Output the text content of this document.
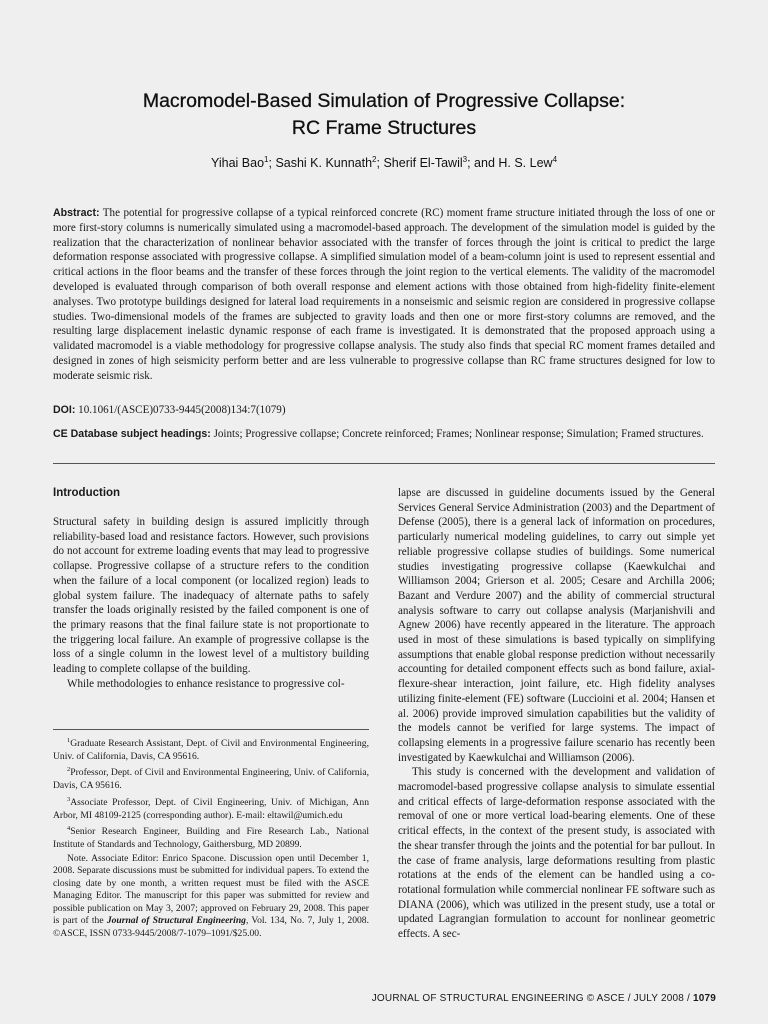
Macromodel-Based Simulation of Progressive Collapse:
RC Frame Structures
Yihai Bao$^1$; Sashi K. Kunnath$^2$; Sherif El-Tawil$^3$; and H. S. Lew$^4$
Abstract: The potential for progressive collapse of a typical reinforced concrete (RC) moment frame structure initiated through the loss of one or more first-story columns is numerically simulated using a macromodel-based approach. The development of the simulation model is guided by the realization that the characterization of nonlinear behavior associated with the transfer of forces through the joint is critical to predict the large deformation response associated with progressive collapse. A simplified simulation model of a beam-column joint is used to represent essential and critical actions in the floor beams and the transfer of these forces through the joint region to the vertical elements. The validity of the macromodel developed is evaluated through comparison of both overall response and element actions with those obtained from high-fidelity finite-element analyses. Two prototype buildings designed for lateral load requirements in a nonseismic and seismic region are considered in progressive collapse studies. Two-dimensional models of the frames are subjected to gravity loads and then one or more first-story columns are removed, and the resulting large displacement inelastic dynamic response of each frame is investigated. It is demonstrated that the proposed approach using a validated macromodel is a viable methodology for progressive collapse analysis. The study also finds that special RC moment frames detailed and designed in zones of high seismicity perform better and are less vulnerable to progressive collapse than RC frame structures designed for low to moderate seismic risk.
DOI: 10.1061/(ASCE)0733-9445(2008)134:7(1079)
CE Database subject headings: Joints; Progressive collapse; Concrete reinforced; Frames; Nonlinear response; Simulation; Framed structures.
Introduction

Structural safety in building design is assured implicitly through reliability-based load and resistance factors. However, such provisions do not account for extreme loading events that may lead to progressive collapse. Progressive collapse of a structure refers to the condition when the failure of a local component (or localized region) leads to global system failure. The inadequacy of alternate paths to safely transfer the loads originally resisted by the failed component is one of the primary reasons that the final failure state is not proportionate to the triggering local failure. An example of progressive collapse is the loss of a single column in the lowest level of a multistory building leading to complete collapse of the building.

While methodologies to enhance resistance to progressive col-

$^1$Graduate Research Assistant, Dept. of Civil and Environmental Engineering, Univ. of California, Davis, CA 95616.

$^2$Professor, Dept. of Civil and Environmental Engineering, Univ. of California, Davis, CA 95616.

$^3$Associate Professor, Dept. of Civil Engineering, Univ. of Michigan, Ann Arbor, MI 48109-2125 (corresponding author). E-mail: eltawil@umich.edu

$^4$Senior Research Engineer, Building and Fire Research Lab., National Institute of Standards and Technology, Gaithersburg, MD 20899.

Note. Associate Editor: Enrico Spacone. Discussion open until December 1, 2008. Separate discussions must be submitted for individual papers. To extend the closing date by one month, a written request must be filed with the ASCE Managing Editor. The manuscript for this paper was submitted for review and possible publication on May 3, 2007; approved on February 29, 2008. This paper is part of the Journal of Structural Engineering, Vol. 134, No. 7, July 1, 2008. ©ASCE, ISSN 0733-9445/2008/7-1079–1091/$25.00.

lapse are discussed in guideline documents issued by the General Services General Service Administration (2003) and the Department of Defense (2005), there is a general lack of information on procedures, particularly numerical modeling guidelines, to carry out simple yet reliable progressive collapse studies of buildings. Some numerical studies investigating progressive collapse (Kaewkulchai and Williamson 2004; Grierson et al. 2005; Cesare and Archilla 2006; Bazant and Verdure 2007) and the ability of commercial structural analysis software to carry out collapse analysis (Marjanishvili and Agnew 2006) have recently appeared in the literature. The approach used in most of these simulations is based typically on simplifying assumptions that enable global response prediction without necessarily accounting for detailed component effects such as bond failure, axial-flexure-shear interaction, joint failure, etc. High fidelity analyses utilizing finite-element (FE) software (Luccioini et al. 2004; Hansen et al. 2006) provide improved simulation capabilities but the validity of the models cannot be verified for large systems. The impact of collapsing elements in a progressive failure scenario has recently been investigated by Kaewkulchai and Williamson (2006).

This study is concerned with the development and validation of macromodel-based progressive collapse analysis to simulate essential and critical effects of large-deformation response associated with the removal of one or more vertical load-bearing elements. One of these critical effects, in the context of the present study, is associated with the shear transfer through the joints and the potential for bar pullout. In the case of frame analysis, large deformations resulting from plastic rotations at the ends of the element can be handled using a co-rotational formulation while commercial nonlinear FE software such as DIANA (2006), which was utilized in the present study, use a total or updated Lagrangian formulation to account for nonlinear geometric effects. A sec-

JOURNAL OF STRUCTURAL ENGINEERING © ASCE / JULY 2008 / 1079
